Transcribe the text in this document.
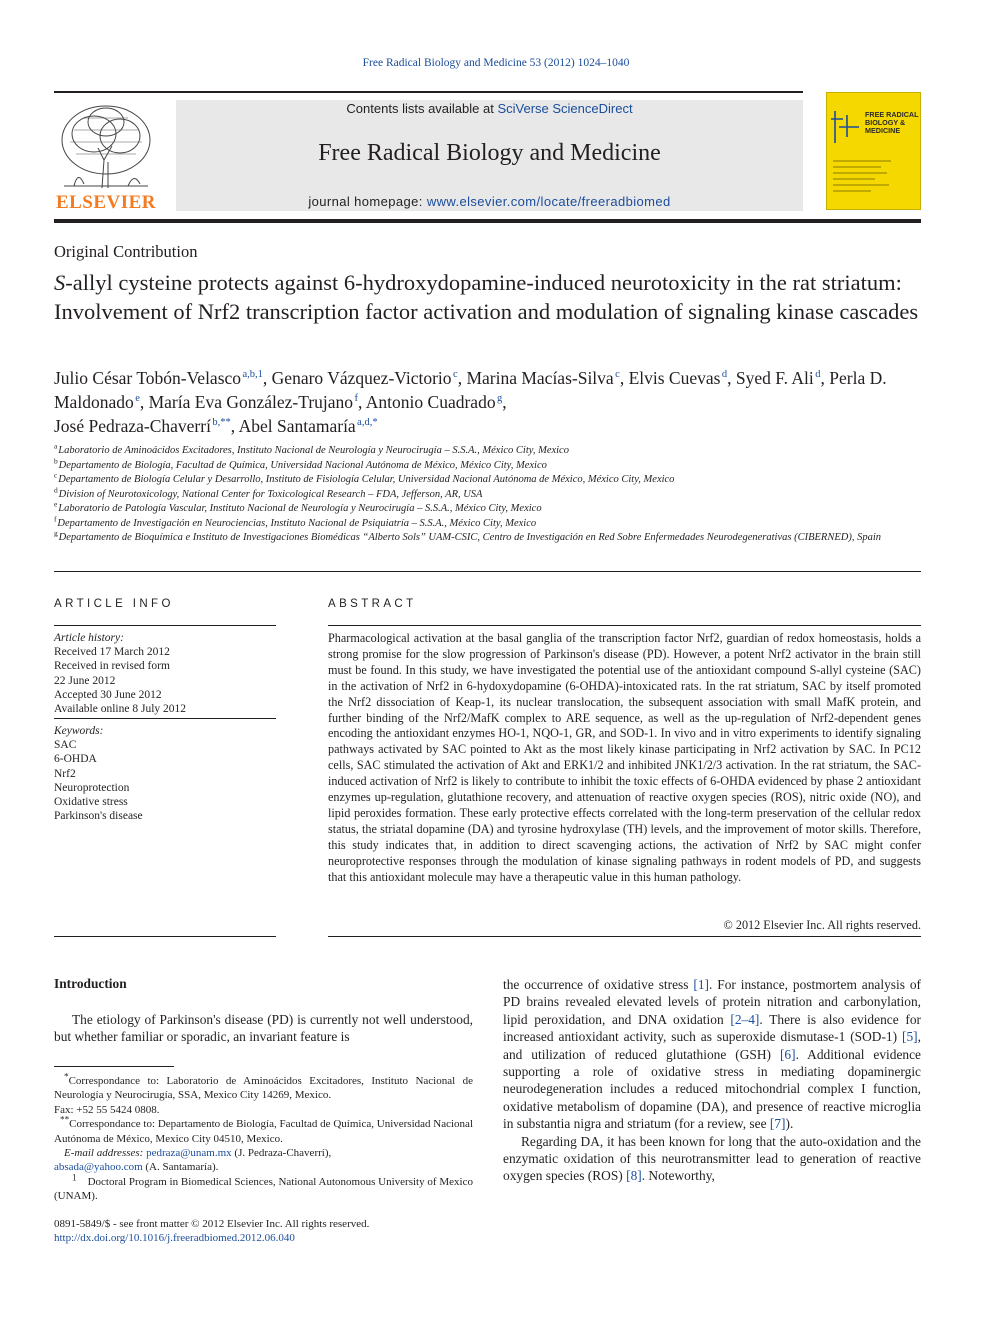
Free Radical Biology and Medicine 53 (2012) 1024–1040
ELSEVIER
Contents lists available at SciVerse ScienceDirect
Free Radical Biology and Medicine
journal homepage: www.elsevier.com/locate/freeradbiomed
FREE RADICAL BIOLOGY & MEDICINE
Original Contribution
S-allyl cysteine protects against 6-hydroxydopamine-induced neurotoxicity in the rat striatum: Involvement of Nrf2 transcription factor activation and modulation of signaling kinase cascades
Julio César Tobón-Velasco $^{a,b,1}$, Genaro Vázquez-Victorio $^c$, Marina Macías-Silva $^c$, Elvis Cuevas $^d$, Syed F. Ali $^d$, Perla D. Maldonado $^e$, María Eva González-Trujano $^f$, Antonio Cuadrado $^g$,
José Pedraza-Chaverrí $^{b,**}$, Abel Santamaría $^{a,d,*}$
$^a$ Laboratorio de Aminoácidos Excitadores, Instituto Nacional de Neurología y Neurocirugía – S.S.A., México City, Mexico
$^b$ Departamento de Biología, Facultad de Química, Universidad Nacional Autónoma de México, México City, Mexico
$^c$ Departamento de Biología Celular y Desarrollo, Instituto de Fisiología Celular, Universidad Nacional Autónoma de México, México City, Mexico
$^d$ Division of Neurotoxicology, National Center for Toxicological Research – FDA, Jefferson, AR, USA
$^e$ Laboratorio de Patología Vascular, Instituto Nacional de Neurología y Neurocirugía – S.S.A., México City, Mexico
$^f$ Departamento de Investigación en Neurociencias, Instituto Nacional de Psiquiatría – S.S.A., México City, Mexico
$^g$ Departamento de Bioquímica e Instituto de Investigaciones Biomédicas “Alberto Sols” UAM-CSIC, Centro de Investigación en Red Sobre Enfermedades Neurodegenerativas (CIBERNED), Spain
ARTICLE INFO
Article history:
Received 17 March 2012
Received in revised form
22 June 2012
Accepted 30 June 2012
Available online 8 July 2012
Keywords:
SAC
6-OHDA
Nrf2
Neuroprotection
Oxidative stress
Parkinson's disease
ABSTRACT
Pharmacological activation at the basal ganglia of the transcription factor Nrf2, guardian of redox homeostasis, holds a strong promise for the slow progression of Parkinson's disease (PD). However, a potent Nrf2 activator in the brain still must be found. In this study, we have investigated the potential use of the antioxidant compound S-allyl cysteine (SAC) in the activation of Nrf2 in 6-hydoxydopamine (6-OHDA)-intoxicated rats. In the rat striatum, SAC by itself promoted the Nrf2 dissociation of Keap-1, its nuclear translocation, the subsequent association with small MafK protein, and further binding of the Nrf2/MafK complex to ARE sequence, as well as the up-regulation of Nrf2-dependent genes encoding the antioxidant enzymes HO-1, NQO-1, GR, and SOD-1. In vivo and in vitro experiments to identify signaling pathways activated by SAC pointed to Akt as the most likely kinase participating in Nrf2 activation by SAC. In PC12 cells, SAC stimulated the activation of Akt and ERK1/2 and inhibited JNK1/2/3 activation. In the rat striatum, the SAC-induced activation of Nrf2 is likely to contribute to inhibit the toxic effects of 6-OHDA evidenced by phase 2 antioxidant enzymes up-regulation, glutathione recovery, and attenuation of reactive oxygen species (ROS), nitric oxide (NO), and lipid peroxides formation. These early protective effects correlated with the long-term preservation of the cellular redox status, the striatal dopamine (DA) and tyrosine hydroxylase (TH) levels, and the improvement of motor skills. Therefore, this study indicates that, in addition to direct scavenging actions, the activation of Nrf2 by SAC might confer neuroprotective responses through the modulation of kinase signaling pathways in rodent models of PD, and suggests that this antioxidant molecule may have a therapeutic value in this human pathology.
© 2012 Elsevier Inc. All rights reserved.
Introduction

The etiology of Parkinson's disease (PD) is currently not well understood, but whether familiar or sporadic, an invariant feature is

*Correspondance to: Laboratorio de Aminoácidos Excitadores, Instituto Nacional de Neurología y Neurocirugía, SSA, Mexico City 14269, Mexico.

Fax: +52 55 5424 0808.

**Correspondance to: Departamento de Biología, Facultad de Química, Universidad Nacional Autónoma de México, Mexico City 04510, Mexico.

E-mail addresses: pedraza@unam.mx (J. Pedraza-Chaverrí),
absada@yahoo.com (A. Santamaría).

$^1$  Doctoral Program in Biomedical Sciences, National Autonomous University of Mexico (UNAM).

0891-5849/$ - see front matter © 2012 Elsevier Inc. All rights reserved.
http://dx.doi.org/10.1016/j.freeradbiomed.2012.06.040

the occurrence of oxidative stress [1]. For instance, postmortem analysis of PD brains revealed elevated levels of protein nitration and carbonylation, lipid peroxidation, and DNA oxidation [2–4]. There is also evidence for increased antioxidant activity, such as superoxide dismutase-1 (SOD-1) [5], and utilization of reduced glutathione (GSH) [6]. Additional evidence supporting a role of oxidative stress in mediating dopaminergic neurodegeneration includes a reduced mitochondrial complex I function, oxidative metabolism of dopamine (DA), and presence of reactive microglia in substantia nigra and striatum (for a review, see [7]).

Regarding DA, it has been known for long that the auto-oxidation and the enzymatic oxidation of this neurotransmitter lead to generation of reactive oxygen species (ROS) [8]. Noteworthy,
